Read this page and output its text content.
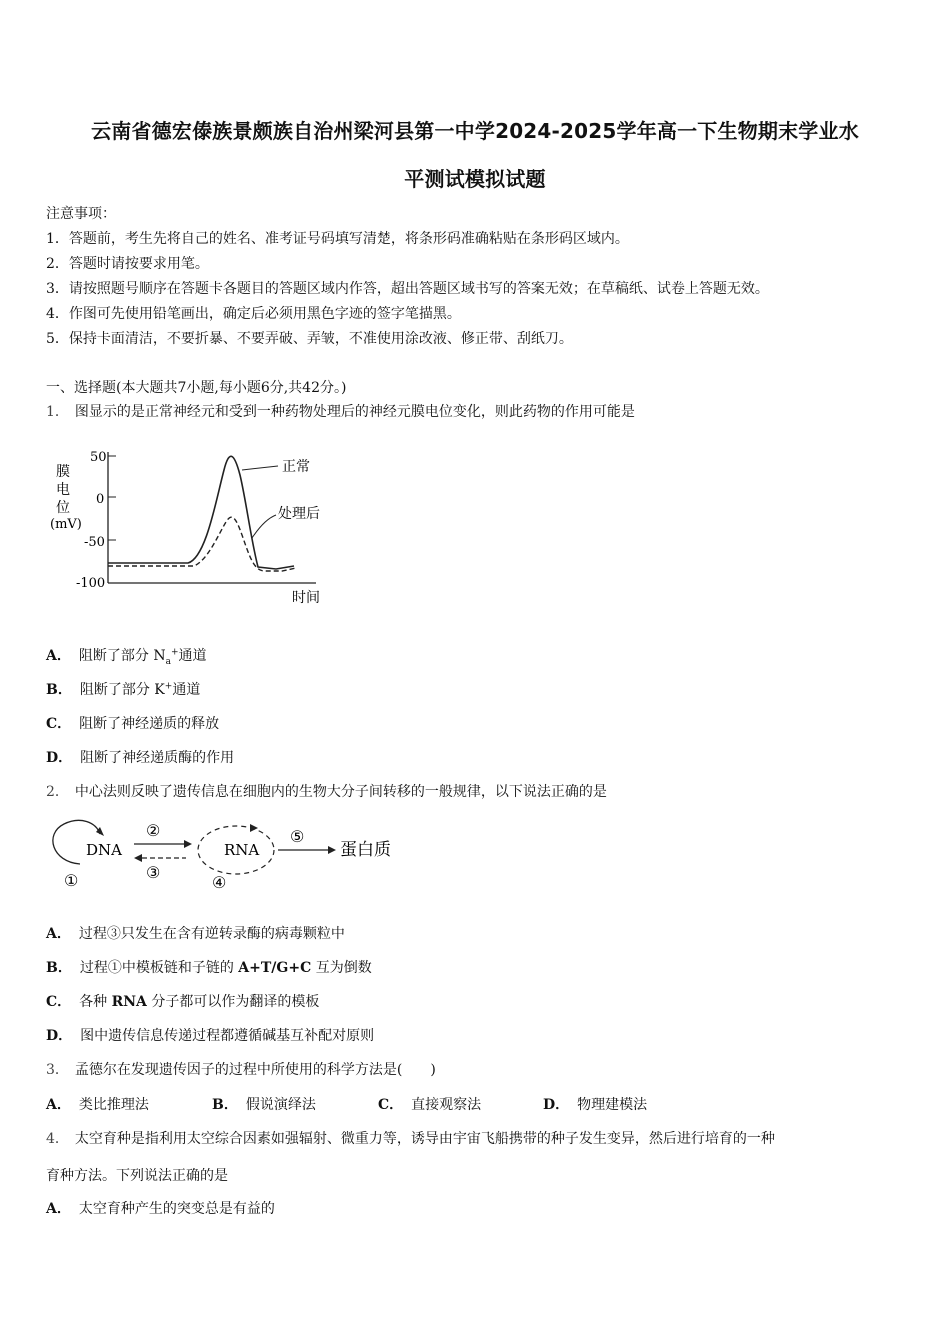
云南省德宏傣族景颇族自治州梁河县第一中学2024-2025学年高一下生物期末学业水
平测试模拟试题
注意事项：
1．答题前，考生先将自己的姓名、准考证号码填写清楚，将条形码准确粘贴在条形码区域内。
2．答题时请按要求用笔。
3．请按照题号顺序在答题卡各题目的答题区域内作答，超出答题区域书写的答案无效；在草稿纸、试卷上答题无效。
4．作图可先使用铅笔画出，确定后必须用黑色字迹的签字笔描黑。
5．保持卡面清洁，不要折暴、不要弄破、弄皱，不准使用涂改液、修正带、刮纸刀。
一、选择题(本大题共7小题,每小题6分,共42分。)
1． 图显示的是正常神经元和受到一种药物处理后的神经元膜电位变化，则此药物的作用可能是
膜
电
位
(mV)
50
0
-50
-100
正常
处理后
时间
A． 阻断了部分 $N_a^+$通道
B． 阻断了部分 K+通道
C． 阻断了神经递质的释放
D． 阻断了神经递质酶的作用
2． 中心法则反映了遗传信息在细胞内的生物大分子间转移的一般规律，以下说法正确的是
DNA
①
②
③
RNA
④
⑤
蛋白质
A． 过程③只发生在含有逆转录酶的病毒颗粒中
B． 过程①中模板链和子链的 A+T/G+C 互为倒数
C． 各种 RNA 分子都可以作为翻译的模板
D． 图中遗传信息传递过程都遵循碱基互补配对原则
3． 孟德尔在发现遗传因子的过程中所使用的科学方法是(　　)
A． 类比推理法	B． 假说演绎法	C． 直接观察法	D． 物理建模法
4． 太空育种是指利用太空综合因素如强辐射、微重力等，诱导由宇宙飞船携带的种子发生变异，然后进行培育的一种
育种方法。下列说法正确的是
A． 太空育种产生的突变总是有益的
